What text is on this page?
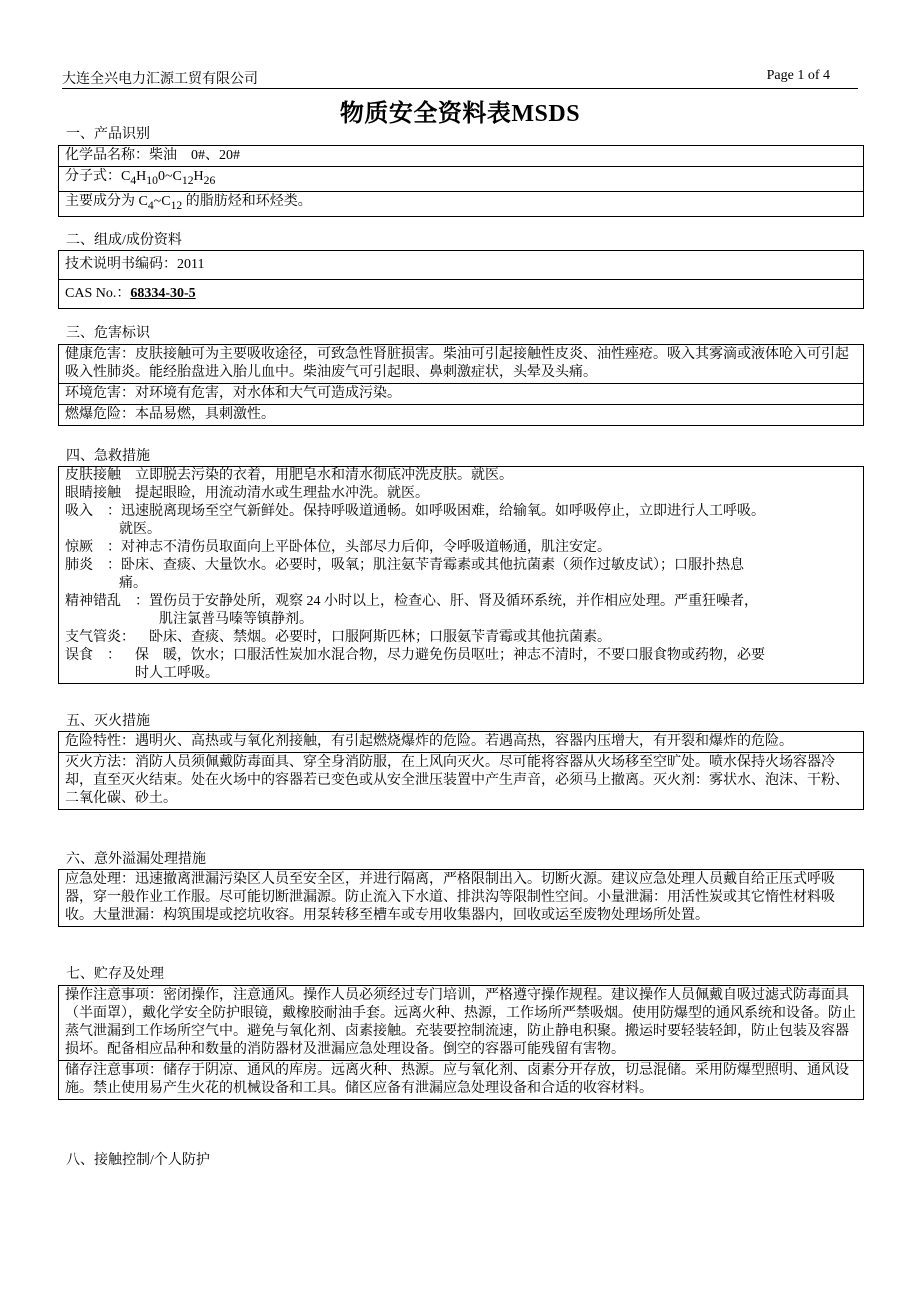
大连全兴电力汇源工贸有限公司	Page 1 of 4
物质安全资料表MSDS
一、产品识别
化学品名称：柴油　0#、20#
分子式：$C_4H_{10}0\sim C_{12}H_{26}$
主要成分为 $C_4\sim C_{12}$ 的脂肪烃和环烃类。
二、组成/成份资料
技术说明书编码：2011
CAS No.：68334-30-5
三、危害标识
健康危害：皮肤接触可为主要吸收途径，可致急性肾脏损害。柴油可引起接触性皮炎、油性痤疮。吸入其雾滴或液体呛入可引起吸入性肺炎。能经胎盘进入胎儿血中。柴油废气可引起眼、鼻刺激症状，头晕及头痛。
环境危害：对环境有危害，对水体和大气可造成污染。
燃爆危险：本品易燃，具刺激性。
四、急救措施
皮肤接触　立即脱去污染的衣着，用肥皂水和清水彻底冲洗皮肤。就医。
眼睛接触　提起眼睑，用流动清水或生理盐水冲洗。就医。
吸入　： 迅速脱离现场至空气新鲜处。保持呼吸道通畅。如呼吸困难，给输氧。如呼吸停止，立即进行人工呼吸。
就医。
惊厥　： 对神志不清伤员取面向上平卧体位，头部尽力后仰，令呼吸道畅通，肌注安定。
肺炎　： 卧床、查痰、大量饮水。必要时，吸氧；肌注氨苄青霉素或其他抗菌素（须作过敏皮试）；口服扑热息
痛。
精神错乱　： 置伤员于安静处所，观察 24 小时以上，检查心、肝、肾及循环系统，并作相应处理。严重狂噪者，
肌注氯普马嗪等镇静剂。
支气管炎： 　卧床、查痰、禁烟。必要时，口服阿斯匹林；口服氨苄青霉或其他抗菌素。
误食　： 　保　暖，饮水；口服活性炭加水混合物，尽力避免伤员呕吐；神志不清时，不要口服食物或药物，必要
时人工呼吸。
五、灭火措施
危险特性：遇明火、高热或与氧化剂接触，有引起燃烧爆炸的危险。若遇高热，容器内压增大，有开裂和爆炸的危险。
灭火方法：消防人员须佩戴防毒面具、穿全身消防服，在上风向灭火。尽可能将容器从火场移至空旷处。喷水保持火场容器冷却，直至灭火结束。处在火场中的容器若已变色或从安全泄压装置中产生声音，必须马上撤离。灭火剂：雾状水、泡沫、干粉、二氧化碳、砂土。
六、意外溢漏处理措施
应急处理：迅速撤离泄漏污染区人员至安全区，并进行隔离，严格限制出入。切断火源。建议应急处理人员戴自给正压式呼吸器，穿一般作业工作服。尽可能切断泄漏源。防止流入下水道、排洪沟等限制性空间。小量泄漏：用活性炭或其它惰性材料吸收。大量泄漏：构筑围堤或挖坑收容。用泵转移至槽车或专用收集器内，回收或运至废物处理场所处置。
七、贮存及处理
操作注意事项：密闭操作，注意通风。操作人员必须经过专门培训，严格遵守操作规程。建议操作人员佩戴自吸过滤式防毒面具（半面罩），戴化学安全防护眼镜，戴橡胶耐油手套。远离火种、热源，工作场所严禁吸烟。使用防爆型的通风系统和设备。防止蒸气泄漏到工作场所空气中。避免与氧化剂、卤素接触。充装要控制流速，防止静电积聚。搬运时要轻装轻卸，防止包装及容器损坏。配备相应品种和数量的消防器材及泄漏应急处理设备。倒空的容器可能残留有害物。
储存注意事项：储存于阴凉、通风的库房。远离火种、热源。应与氧化剂、卤素分开存放，切忌混储。采用防爆型照明、通风设施。禁止使用易产生火花的机械设备和工具。储区应备有泄漏应急处理设备和合适的收容材料。
八、接触控制/个人防护
